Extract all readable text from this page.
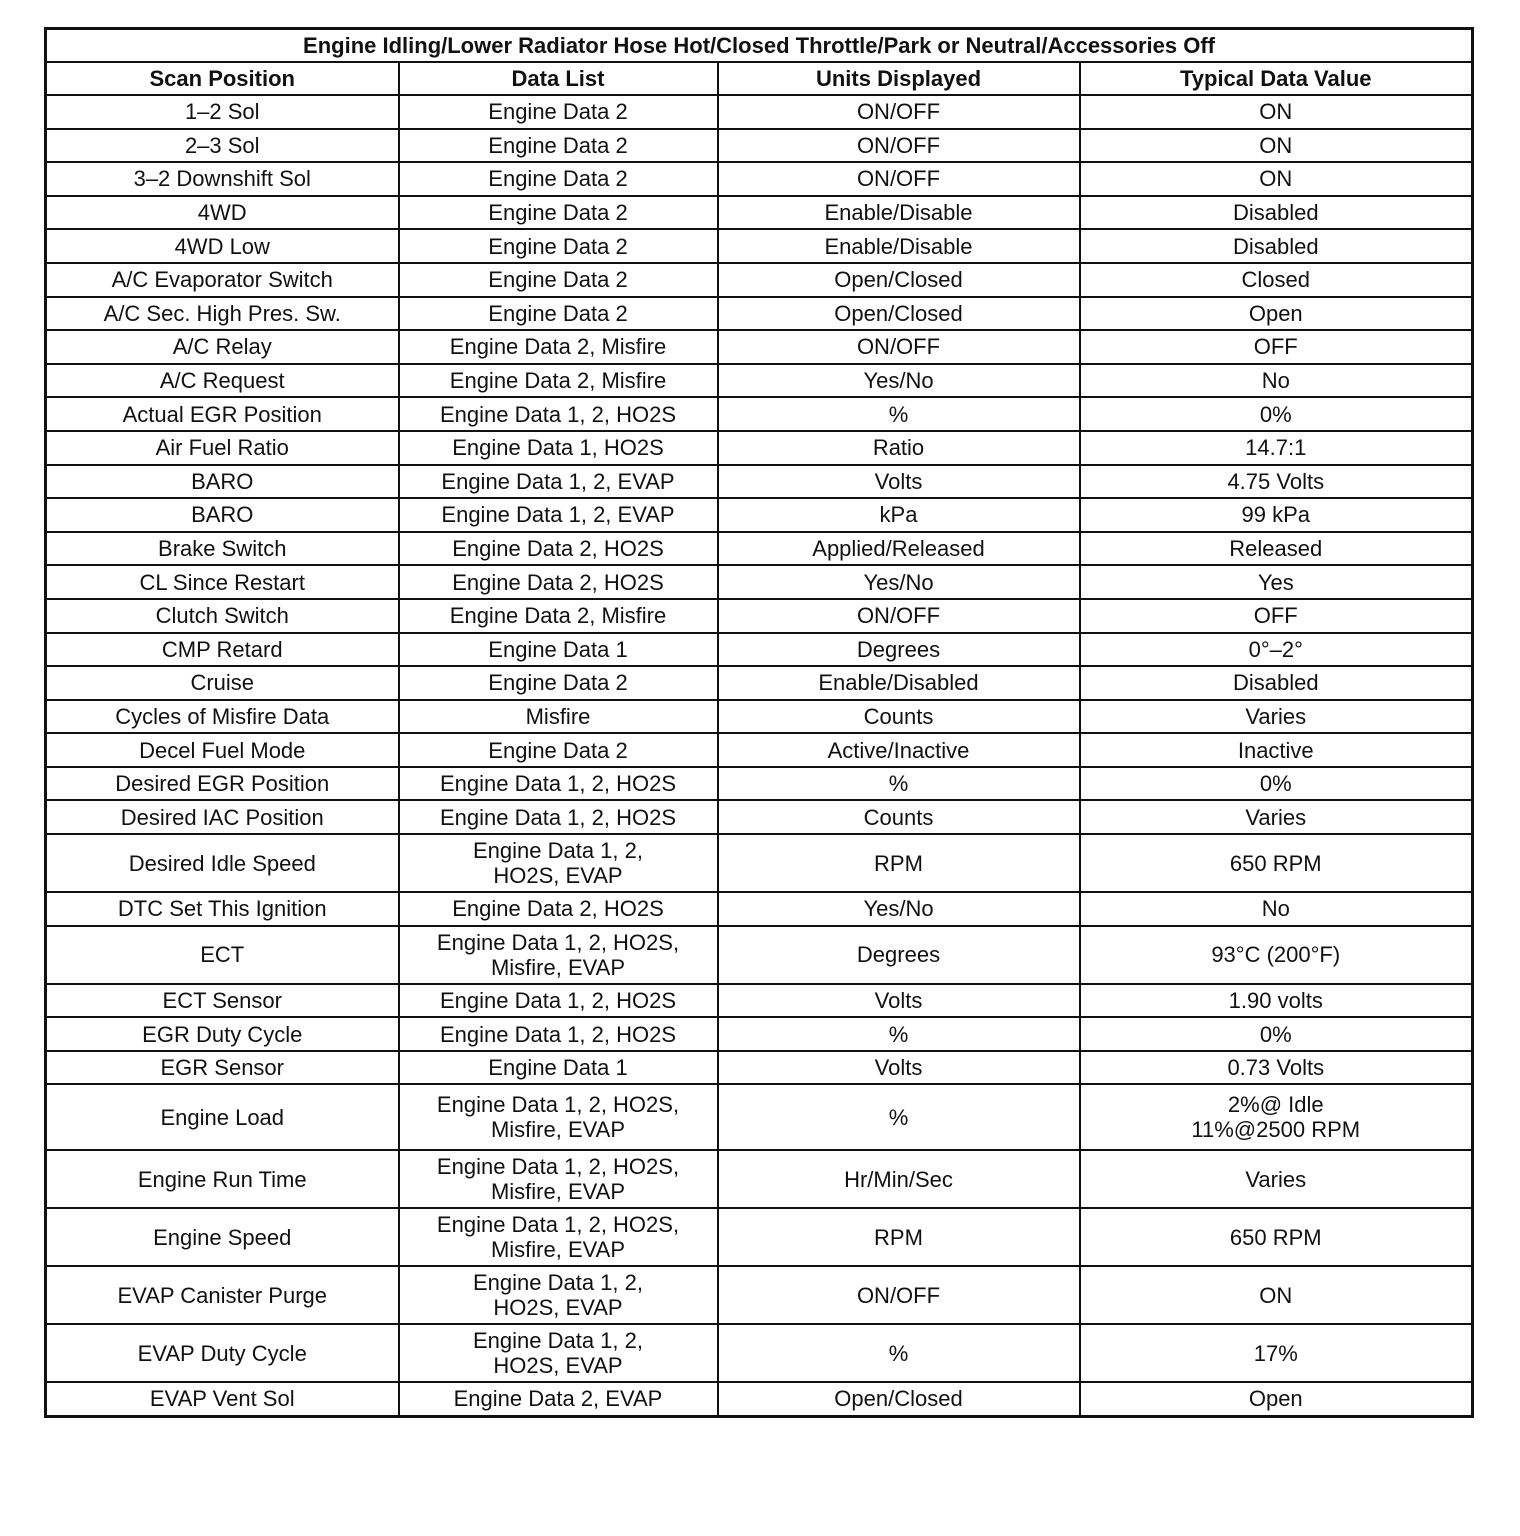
Engine Idling/Lower Radiator Hose Hot/Closed Throttle/Park or Neutral/Accessories Off			
Scan Position	Data List	Units Displayed	Typical Data Value

1–2 Sol	Engine Data 2	ON/OFF	ON

2–3 Sol	Engine Data 2	ON/OFF	ON

3–2 Downshift Sol	Engine Data 2	ON/OFF	ON

4WD	Engine Data 2	Enable/Disable	Disabled

4WD Low	Engine Data 2	Enable/Disable	Disabled

A/C Evaporator Switch	Engine Data 2	Open/Closed	Closed

A/C Sec. High Pres. Sw.	Engine Data 2	Open/Closed	Open

A/C Relay	Engine Data 2, Misfire	ON/OFF	OFF

A/C Request	Engine Data 2, Misfire	Yes/No	No

Actual EGR Position	Engine Data 1, 2, HO2S	%	0%

Air Fuel Ratio	Engine Data 1, HO2S	Ratio	14.7:1

BARO	Engine Data 1, 2, EVAP	Volts	4.75 Volts

BARO	Engine Data 1, 2, EVAP	kPa	99 kPa

Brake Switch	Engine Data 2, HO2S	Applied/Released	Released

CL Since Restart	Engine Data 2, HO2S	Yes/No	Yes

Clutch Switch	Engine Data 2, Misfire	ON/OFF	OFF

CMP Retard	Engine Data 1	Degrees	0°–2°

Cruise	Engine Data 2	Enable/Disabled	Disabled

Cycles of Misfire Data	Misfire	Counts	Varies

Decel Fuel Mode	Engine Data 2	Active/Inactive	Inactive

Desired EGR Position	Engine Data 1, 2, HO2S	%	0%

Desired IAC Position	Engine Data 1, 2, HO2S	Counts	Varies

Desired Idle Speed	Engine Data 1, 2,
HO2S, EVAP	RPM	650 RPM

DTC Set This Ignition	Engine Data 2, HO2S	Yes/No	No

ECT	Engine Data 1, 2, HO2S,
Misfire, EVAP	Degrees	93°C (200°F)

ECT Sensor	Engine Data 1, 2, HO2S	Volts	1.90 volts

EGR Duty Cycle	Engine Data 1, 2, HO2S	%	0%

EGR Sensor	Engine Data 1	Volts	0.73 Volts

Engine Load	Engine Data 1, 2, HO2S,
Misfire, EVAP	%	2%@ Idle
11%@2500 RPM

Engine Run Time	Engine Data 1, 2, HO2S,
Misfire, EVAP	Hr/Min/Sec	Varies

Engine Speed	Engine Data 1, 2, HO2S,
Misfire, EVAP	RPM	650 RPM

EVAP Canister Purge	Engine Data 1, 2,
HO2S, EVAP	ON/OFF	ON

EVAP Duty Cycle	Engine Data 1, 2,
HO2S, EVAP	%	17%

EVAP Vent Sol	Engine Data 2, EVAP	Open/Closed	Open
